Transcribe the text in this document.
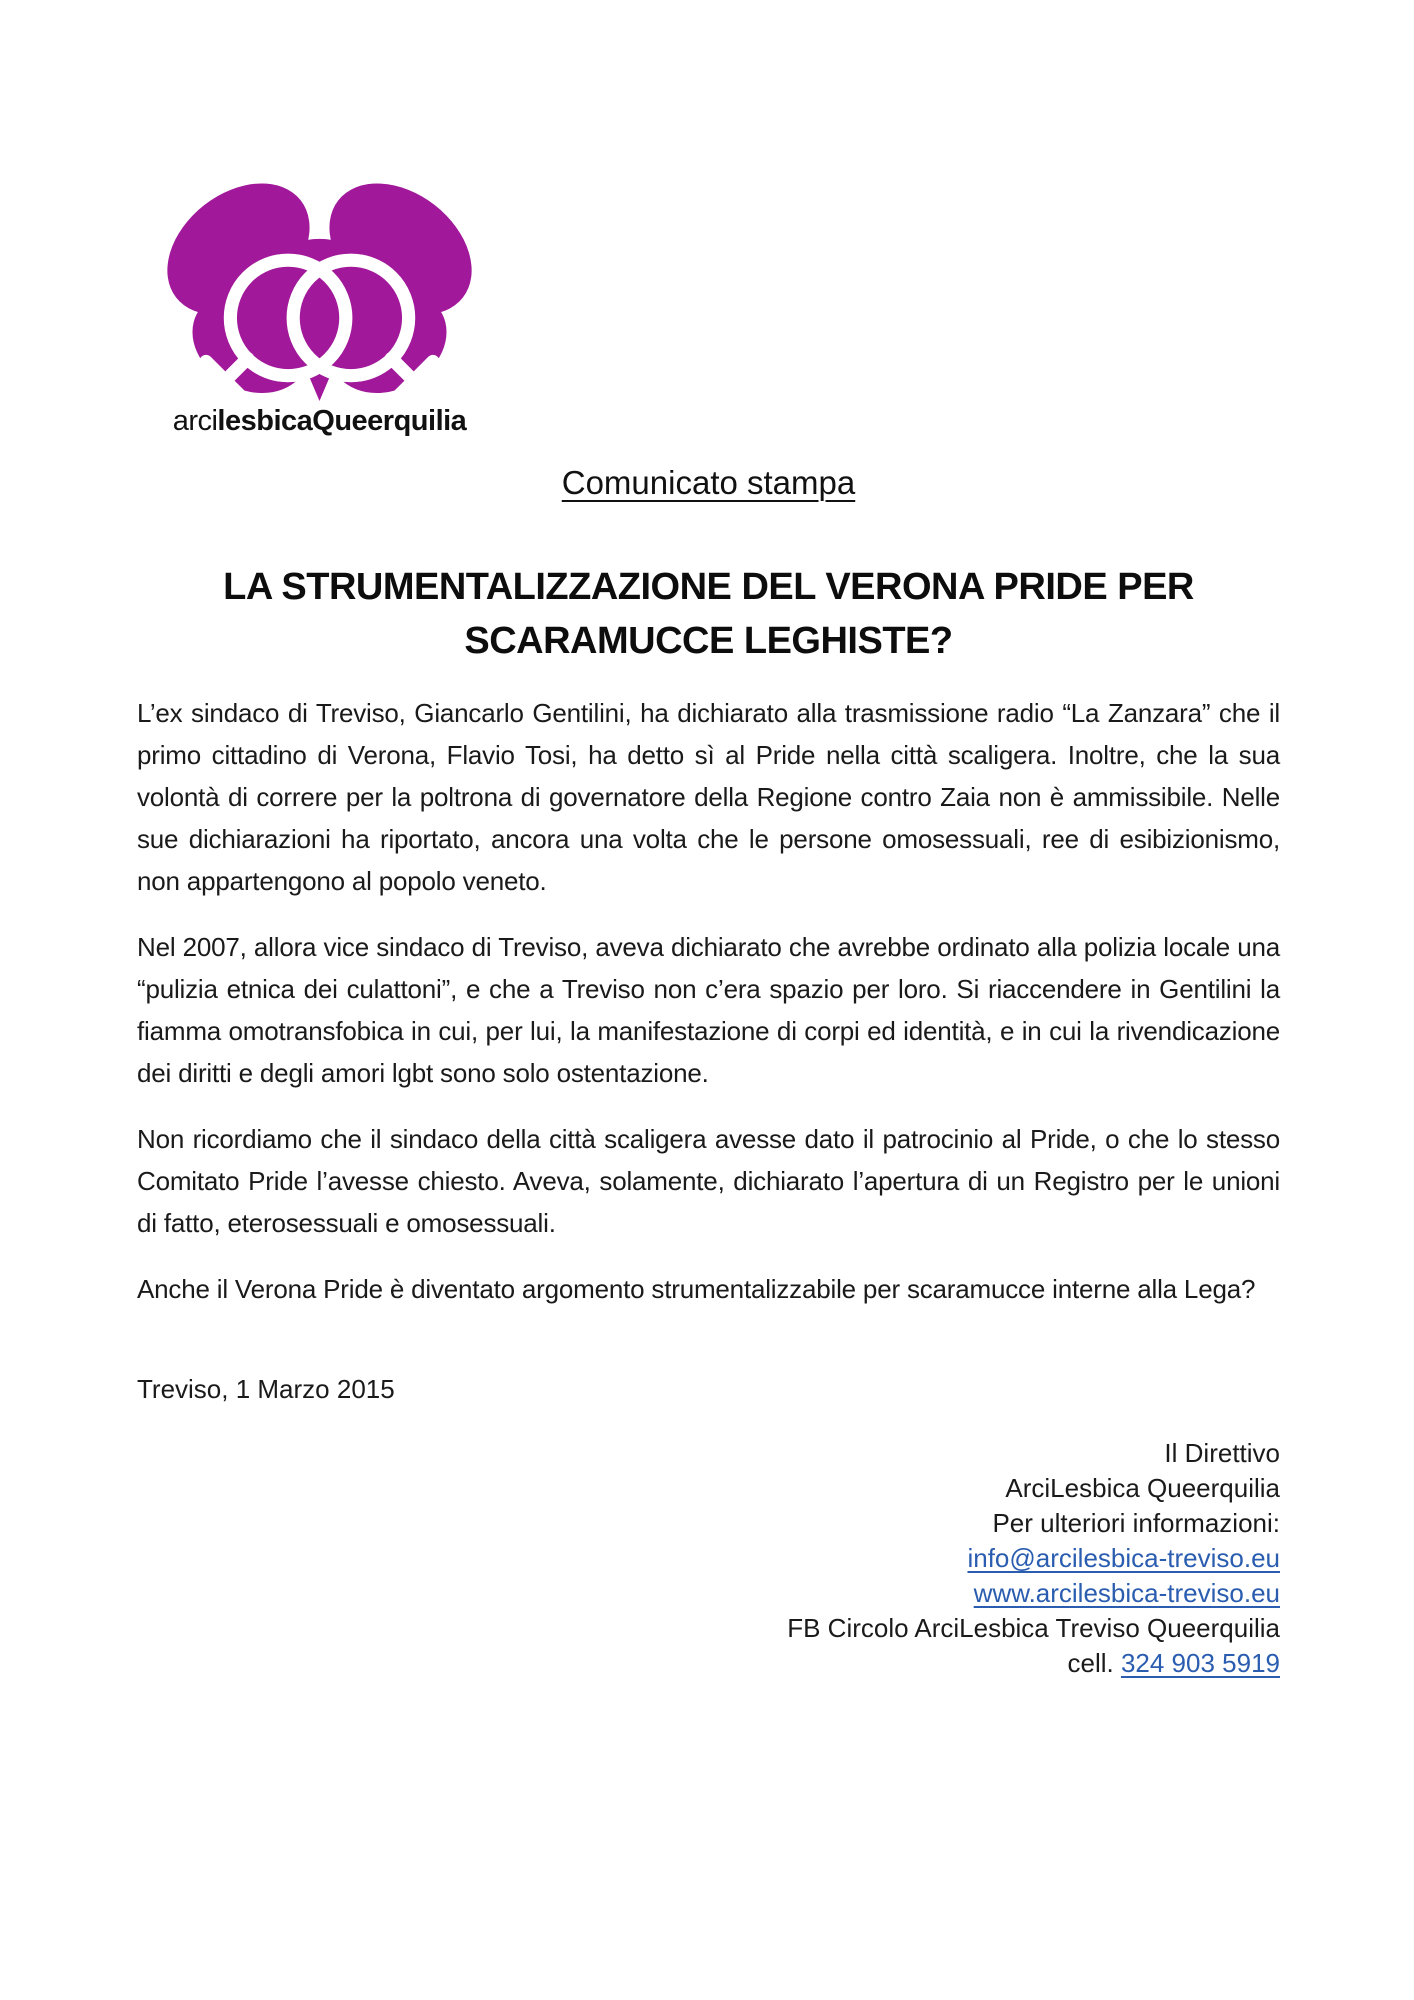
arcilesbicaQueerquilia
Comunicato stampa
LA STRUMENTALIZZAZIONE DEL VERONA PRIDE PER SCARAMUCCE LEGHISTE?

L’ex sindaco di Treviso, Giancarlo Gentilini, ha dichiarato alla trasmissione radio “La Zanzara” che il primo cittadino di Verona, Flavio Tosi, ha detto sì al Pride nella città scaligera. Inoltre, che la sua volontà di correre per la poltrona di governatore della Regione contro Zaia non è ammissibile. Nelle sue dichiarazioni ha riportato, ancora una volta che le persone omosessuali, ree di esibizionismo, non appartengono al popolo veneto.

Nel 2007, allora vice sindaco di Treviso, aveva dichiarato che avrebbe ordinato alla polizia locale una “pulizia etnica dei culattoni”, e che a Treviso non c’era spazio per loro. Si riaccendere in Gentilini la fiamma omotransfobica in cui, per lui, la manifestazione di corpi ed identità, e in cui la rivendicazione dei diritti e degli amori lgbt sono solo ostentazione.

Non ricordiamo che il sindaco della città scaligera avesse dato il patrocinio al Pride, o che lo stesso Comitato Pride l’avesse chiesto. Aveva, solamente, dichiarato l’apertura di un Registro per le unioni di fatto, eterosessuali e omosessuali.

Anche il Verona Pride è diventato argomento strumentalizzabile per scaramucce interne alla Lega?

Treviso, 1 Marzo 2015

Il Direttivo
ArciLesbica Queerquilia
Per ulteriori informazioni:
info@arcilesbica-treviso.eu
www.arcilesbica-treviso.eu
FB Circolo ArciLesbica Treviso Queerquilia
cell. 324 903 5919
